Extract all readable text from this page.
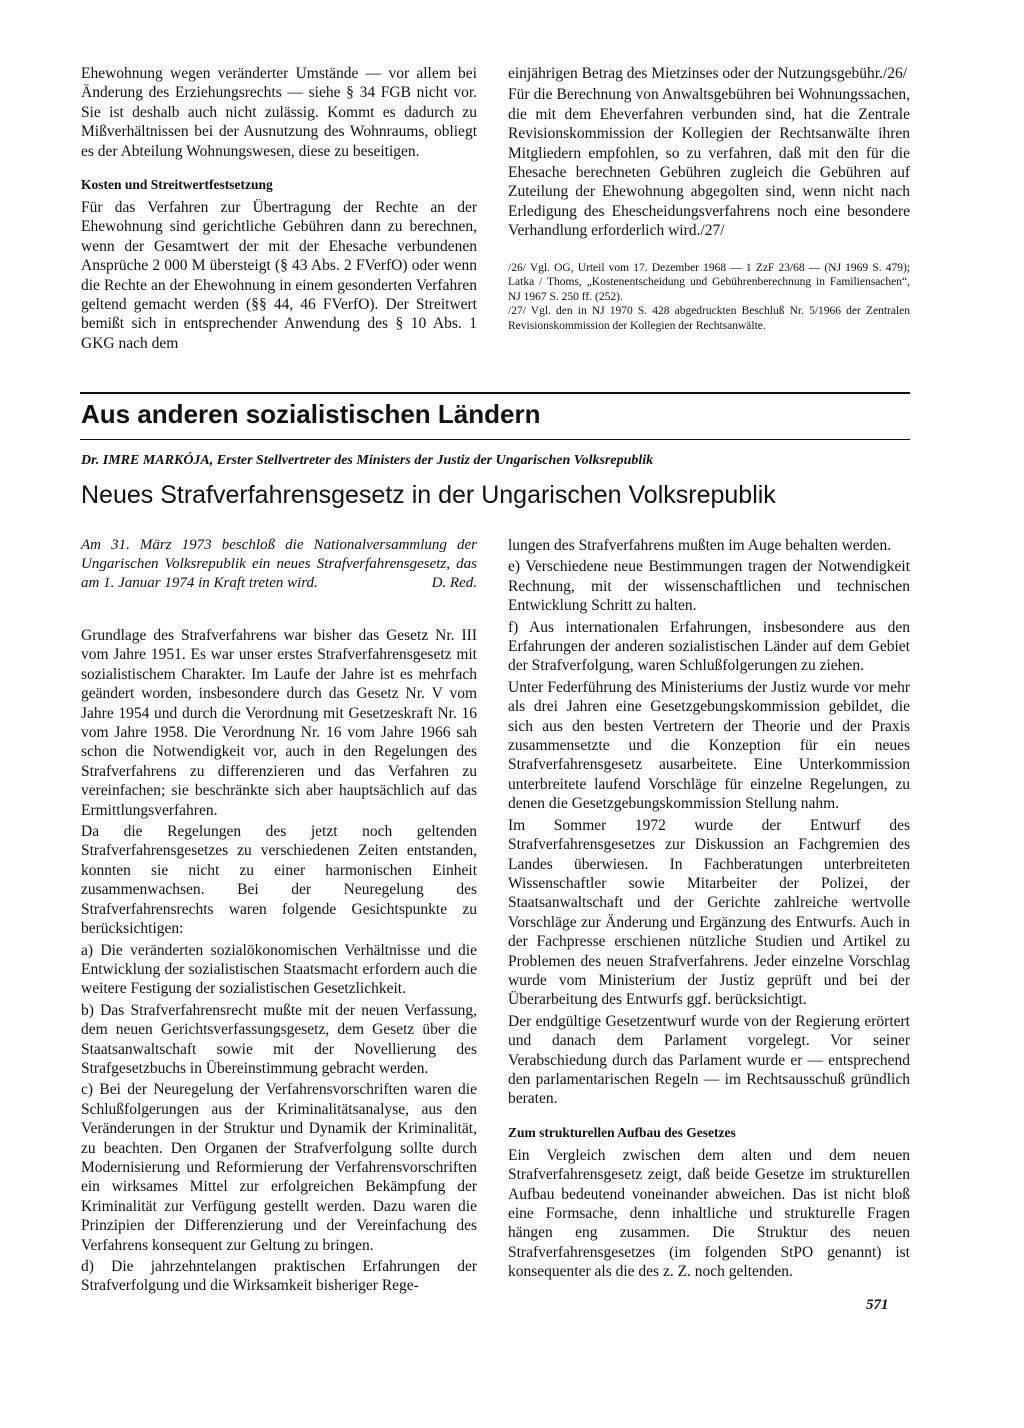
Ehewohnung wegen veränderter Umstände — vor allem bei Änderung des Erziehungsrechts — siehe § 34 FGB nicht vor. Sie ist deshalb auch nicht zulässig. Kommt es dadurch zu Mißverhältnissen bei der Ausnutzung des Wohnraums, obliegt es der Abteilung Wohnungswesen, diese zu beseitigen.

Kosten und Streitwertfestsetzung

Für das Verfahren zur Übertragung der Rechte an der Ehewohnung sind gerichtliche Gebühren dann zu berechnen, wenn der Gesamtwert der mit der Ehesache verbundenen Ansprüche 2 000 M übersteigt (§ 43 Abs. 2 FVerfO) oder wenn die Rechte an der Ehewohnung in einem gesonderten Verfahren geltend gemacht werden (§§ 44, 46 FVerfO). Der Streitwert bemißt sich in entsprechender Anwendung des § 10 Abs. 1 GKG nach dem

einjährigen Betrag des Mietzinses oder der Nutzungsgebühr./26/

Für die Berechnung von Anwaltsgebühren bei Wohnungssachen, die mit dem Eheverfahren verbunden sind, hat die Zentrale Revisionskommission der Kollegien der Rechtsanwälte ihren Mitgliedern empfohlen, so zu verfahren, daß mit den für die Ehesache berechneten Gebühren zugleich die Gebühren auf Zuteilung der Ehewohnung abgegolten sind, wenn nicht nach Erledigung des Ehescheidungsverfahrens noch eine besondere Verhandlung erforderlich wird./27/

/26/ Vgl. OG, Urteil vom 17. Dezember 1968 — 1 ZzF 23/68 — (NJ 1969 S. 479); Latka / Thoms, „Kostenentscheidung und Gebührenberechnung in Familiensachen“, NJ 1967 S. 250 ff. (252).

/27/ Vgl. den in NJ 1970 S. 428 abgedruckten Beschluß Nr. 5/1966 der Zentralen Revisionskommission der Kollegien der Rechtsanwälte.

Aus anderen sozialistischen Ländern
Dr. IMRE MARKÓJA, Erster Stellvertreter des Ministers der Justiz der Ungarischen Volksrepublik
Neues Strafverfahrensgesetz in der Ungarischen Volksrepublik
Am 31. März 1973 beschloß die Nationalversammlung der Ungarischen Volksrepublik ein neues Strafverfahrensgesetz, das am 1. Januar 1974 in Kraft treten wird.	D. Red.

Grundlage des Strafverfahrens war bisher das Gesetz Nr. III vom Jahre 1951. Es war unser erstes Strafverfahrensgesetz mit sozialistischem Charakter. Im Laufe der Jahre ist es mehrfach geändert worden, insbesondere durch das Gesetz Nr. V vom Jahre 1954 und durch die Verordnung mit Gesetzeskraft Nr. 16 vom Jahre 1958. Die Verordnung Nr. 16 vom Jahre 1966 sah schon die Notwendigkeit vor, auch in den Regelungen des Strafverfahrens zu differenzieren und das Verfahren zu vereinfachen; sie beschränkte sich aber hauptsächlich auf das Ermittlungsverfahren.

Da die Regelungen des jetzt noch geltenden Strafverfahrensgesetzes zu verschiedenen Zeiten entstanden, konnten sie nicht zu einer harmonischen Einheit zusammenwachsen. Bei der Neuregelung des Strafverfahrensrechts waren folgende Gesichtspunkte zu berücksichtigen:

a) Die veränderten sozialökonomischen Verhältnisse und die Entwicklung der sozialistischen Staatsmacht erfordern auch die weitere Festigung der sozialistischen Gesetzlichkeit.

b) Das Strafverfahrensrecht mußte mit der neuen Verfassung, dem neuen Gerichtsverfassungsgesetz, dem Gesetz über die Staatsanwaltschaft sowie mit der Novellierung des Strafgesetzbuchs in Übereinstimmung gebracht werden.

c) Bei der Neuregelung der Verfahrensvorschriften waren die Schlußfolgerungen aus der Kriminalitätsanalyse, aus den Veränderungen in der Struktur und Dynamik der Kriminalität, zu beachten. Den Organen der Strafverfolgung sollte durch Modernisierung und Reformierung der Verfahrensvorschriften ein wirksames Mittel zur erfolgreichen Bekämpfung der Kriminalität zur Verfügung gestellt werden. Dazu waren die Prinzipien der Differenzierung und der Vereinfachung des Verfahrens konsequent zur Geltung zu bringen.

d) Die jahrzehntelangen praktischen Erfahrungen der Strafverfolgung und die Wirksamkeit bisheriger Rege-

lungen des Strafverfahrens mußten im Auge behalten werden.

e) Verschiedene neue Bestimmungen tragen der Notwendigkeit Rechnung, mit der wissenschaftlichen und technischen Entwicklung Schritt zu halten.

f) Aus internationalen Erfahrungen, insbesondere aus den Erfahrungen der anderen sozialistischen Länder auf dem Gebiet der Strafverfolgung, waren Schlußfolgerungen zu ziehen.

Unter Federführung des Ministeriums der Justiz wurde vor mehr als drei Jahren eine Gesetzgebungskommission gebildet, die sich aus den besten Vertretern der Theorie und der Praxis zusammensetzte und die Konzeption für ein neues Strafverfahrensgesetz ausarbeitete. Eine Unterkommission unterbreitete laufend Vorschläge für einzelne Regelungen, zu denen die Gesetzgebungskommission Stellung nahm.

Im Sommer 1972 wurde der Entwurf des Strafverfahrensgesetzes zur Diskussion an Fachgremien des Landes überwiesen. In Fachberatungen unterbreiteten Wissenschaftler sowie Mitarbeiter der Polizei, der Staatsanwaltschaft und der Gerichte zahlreiche wertvolle Vorschläge zur Änderung und Ergänzung des Entwurfs. Auch in der Fachpresse erschienen nützliche Studien und Artikel zu Problemen des neuen Strafverfahrens. Jeder einzelne Vorschlag wurde vom Ministerium der Justiz geprüft und bei der Überarbeitung des Entwurfs ggf. berücksichtigt.

Der endgültige Gesetzentwurf wurde von der Regierung erörtert und danach dem Parlament vorgelegt. Vor seiner Verabschiedung durch das Parlament wurde er — entsprechend den parlamentarischen Regeln — im Rechtsausschuß gründlich beraten.

Zum strukturellen Aufbau des Gesetzes

Ein Vergleich zwischen dem alten und dem neuen Strafverfahrensgesetz zeigt, daß beide Gesetze im strukturellen Aufbau bedeutend voneinander abweichen. Das ist nicht bloß eine Formsache, denn inhaltliche und strukturelle Fragen hängen eng zusammen. Die Struktur des neuen Strafverfahrensgesetzes (im folgenden StPO genannt) ist konsequenter als die des z. Z. noch geltenden.

571
